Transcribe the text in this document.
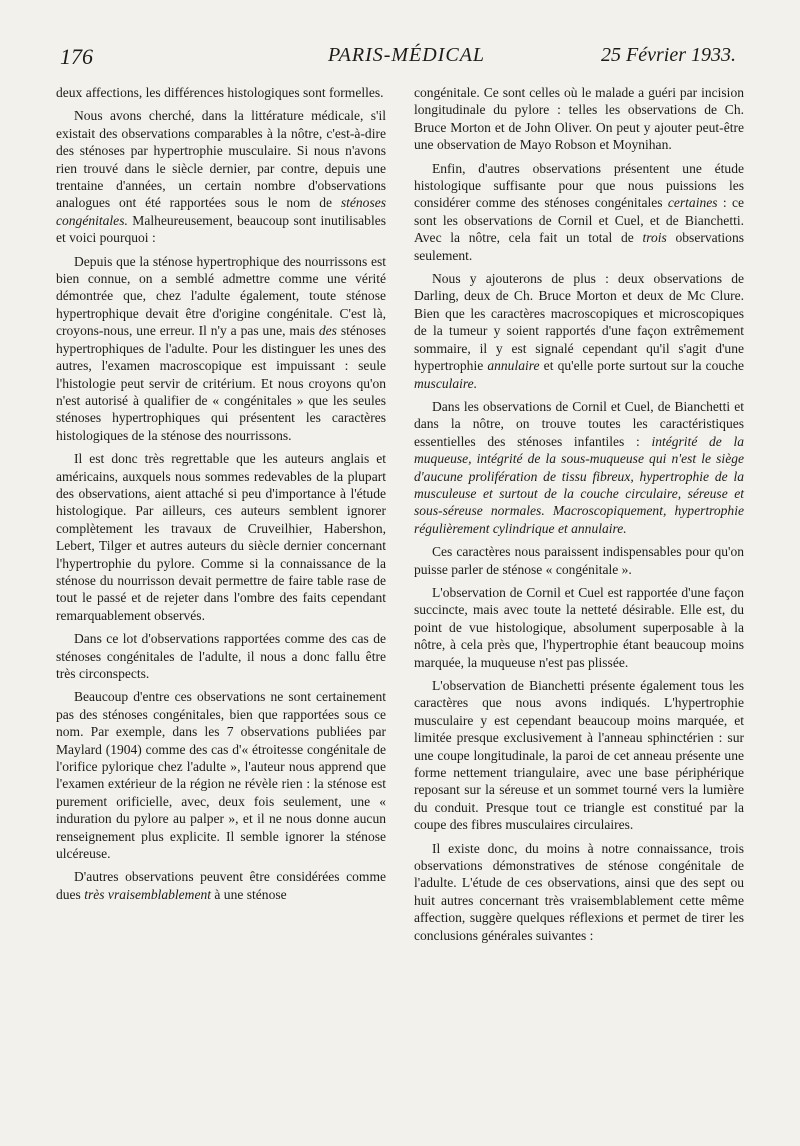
176	PARIS-MÉDICAL	25 Février 1933.

deux affections, les différences histologiques sont formelles.

Nous avons cherché, dans la littérature médicale, s'il existait des observations comparables à la nôtre, c'est-à-dire des sténoses par hypertrophie musculaire. Si nous n'avons rien trouvé dans le siècle dernier, par contre, depuis une trentaine d'années, un certain nombre d'observations analogues ont été rapportées sous le nom de sténoses congénitales. Malheureusement, beaucoup sont inutilisables et voici pourquoi :

Depuis que la sténose hypertrophique des nourrissons est bien connue, on a semblé admettre comme une vérité démontrée que, chez l'adulte également, toute sténose hypertrophique devait être d'origine congénitale. C'est là, croyons-nous, une erreur. Il n'y a pas une, mais des sténoses hypertrophiques de l'adulte. Pour les distinguer les unes des autres, l'examen macroscopique est impuissant : seule l'histologie peut servir de critérium. Et nous croyons qu'on n'est autorisé à qualifier de « congénitales » que les seules sténoses hypertrophiques qui présentent les caractères histologiques de la sténose des nourrissons.

Il est donc très regrettable que les auteurs anglais et américains, auxquels nous sommes redevables de la plupart des observations, aient attaché si peu d'importance à l'étude histologique. Par ailleurs, ces auteurs semblent ignorer complètement les travaux de Cruveilhier, Habershon, Lebert, Tilger et autres auteurs du siècle dernier concernant l'hypertrophie du pylore. Comme si la connaissance de la sténose du nourrisson devait permettre de faire table rase de tout le passé et de rejeter dans l'ombre des faits cependant remarquablement observés.

Dans ce lot d'observations rapportées comme des cas de sténoses congénitales de l'adulte, il nous a donc fallu être très circonspects.

Beaucoup d'entre ces observations ne sont certainement pas des sténoses congénitales, bien que rapportées sous ce nom. Par exemple, dans les 7 observations publiées par Maylard (1904) comme des cas d'« étroitesse congénitale de l'orifice pylorique chez l'adulte », l'auteur nous apprend que l'examen extérieur de la région ne révèle rien : la sténose est purement orificielle, avec, deux fois seulement, une « induration du pylore au palper », et il ne nous donne aucun renseignement plus explicite. Il semble ignorer la sténose ulcéreuse.

D'autres observations peuvent être considérées comme dues très vraisemblablement à une sténose

congénitale. Ce sont celles où le malade a guéri par incision longitudinale du pylore : telles les observations de Ch. Bruce Morton et de John Oliver. On peut y ajouter peut-être une observation de Mayo Robson et Moynihan.

Enfin, d'autres observations présentent une étude histologique suffisante pour que nous puissions les considérer comme des sténoses congénitales certaines : ce sont les observations de Cornil et Cuel, et de Bianchetti. Avec la nôtre, cela fait un total de trois observations seulement.

Nous y ajouterons de plus : deux observations de Darling, deux de Ch. Bruce Morton et deux de Mc Clure. Bien que les caractères macroscopiques et microscopiques de la tumeur y soient rapportés d'une façon extrêmement sommaire, il y est signalé cependant qu'il s'agit d'une hypertrophie annulaire et qu'elle porte surtout sur la couche musculaire.

Dans les observations de Cornil et Cuel, de Bianchetti et dans la nôtre, on trouve toutes les caractéristiques essentielles des sténoses infantiles : intégrité de la muqueuse, intégrité de la sous-muqueuse qui n'est le siège d'aucune prolifération de tissu fibreux, hypertrophie de la musculeuse et surtout de la couche circulaire, séreuse et sous-séreuse normales. Macroscopiquement, hypertrophie régulièrement cylindrique et annulaire.

Ces caractères nous paraissent indispensables pour qu'on puisse parler de sténose « congénitale ».

L'observation de Cornil et Cuel est rapportée d'une façon succincte, mais avec toute la netteté désirable. Elle est, du point de vue histologique, absolument superposable à la nôtre, à cela près que, l'hypertrophie étant beaucoup moins marquée, la muqueuse n'est pas plissée.

L'observation de Bianchetti présente également tous les caractères que nous avons indiqués. L'hypertrophie musculaire y est cependant beaucoup moins marquée, et limitée presque exclusivement à l'anneau sphinctérien : sur une coupe longitudinale, la paroi de cet anneau présente une forme nettement triangulaire, avec une base périphérique reposant sur la séreuse et un sommet tourné vers la lumière du conduit. Presque tout ce triangle est constitué par la coupe des fibres musculaires circulaires.

Il existe donc, du moins à notre connaissance, trois observations démonstratives de sténose congénitale de l'adulte. L'étude de ces observations, ainsi que des sept ou huit autres concernant très vraisemblablement cette même affection, suggère quelques réflexions et permet de tirer les conclusions générales suivantes :
